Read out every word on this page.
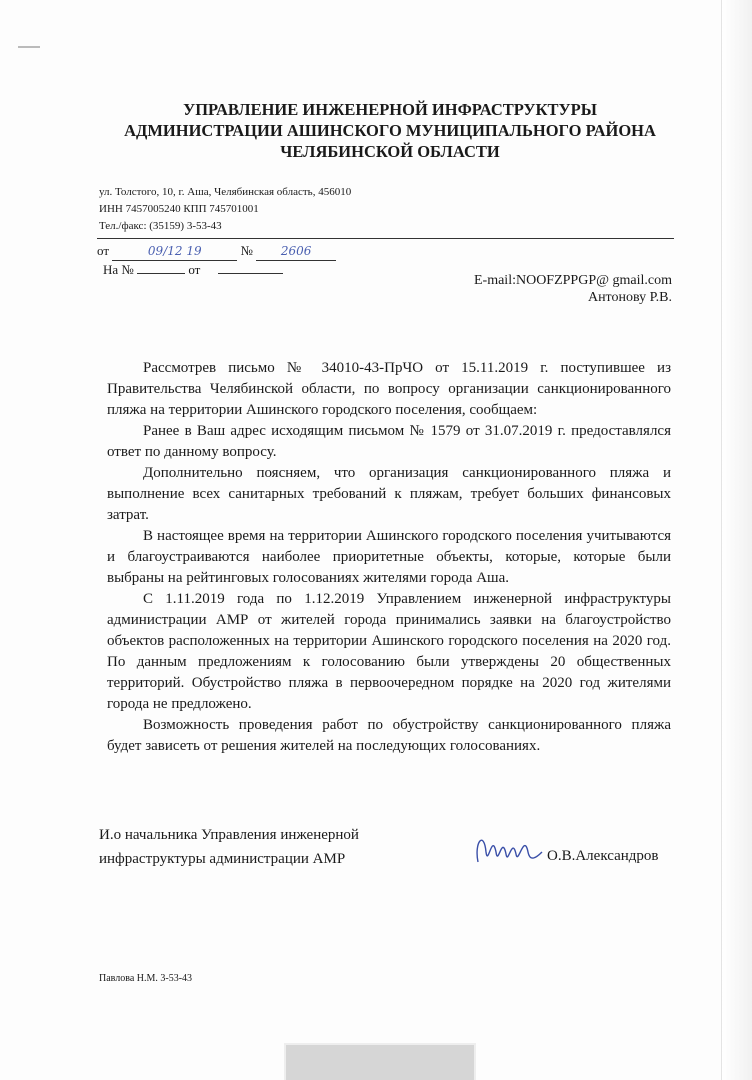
УПРАВЛЕНИЕ ИНЖЕНЕРНОЙ ИНФРАСТРУКТУРЫ
АДМИНИСТРАЦИИ АШИНСКОГО МУНИЦИПАЛЬНОГО РАЙОНА
ЧЕЛЯБИНСКОЙ ОБЛАСТИ
ул. Толстого, 10, г. Аша, Челябинская область, 456010
ИНН 7457005240 КПП 745701001
Тел./факс: (35159) 3-53-43
от	09/12 19	№ 2606
На №	от
E-mail:NOOFZPPGP@ gmail.com
Антонову Р.В.

Рассмотрев письмо № 34010-43-ПрЧО от 15.11.2019 г. поступившее из Правительства Челябинской области, по вопросу организации санкционированного пляжа на территории Ашинского городского поселения, сообщаем:

Ранее в Ваш адрес исходящим письмом № 1579 от 31.07.2019 г. предоставлялся ответ по данному вопросу.

Дополнительно поясняем, что организация санкционированного пляжа и выполнение всех санитарных требований к пляжам, требует больших финансовых затрат.

В настоящее время на территории Ашинского городского поселения учитываются и благоустраиваются наиболее приоритетные объекты, которые, которые были выбраны на рейтинговых голосованиях жителями города Аша.

С 1.11.2019 года по 1.12.2019 Управлением инженерной инфраструктуры администрации АМР от жителей города принимались заявки на благоустройство объектов расположенных на территории Ашинского городского поселения на 2020 год. По данным предложениям к голосованию были утверждены 20 общественных территорий. Обустройство пляжа в первоочередном порядке на 2020 год жителями города не предложено.

Возможность проведения работ по обустройству санкционированного пляжа будет зависеть от решения жителей на последующих голосованиях.

И.о начальника Управления инженерной
инфраструктуры администрации АМР	О.В.Александров
Павлова Н.М. 3-53-43
